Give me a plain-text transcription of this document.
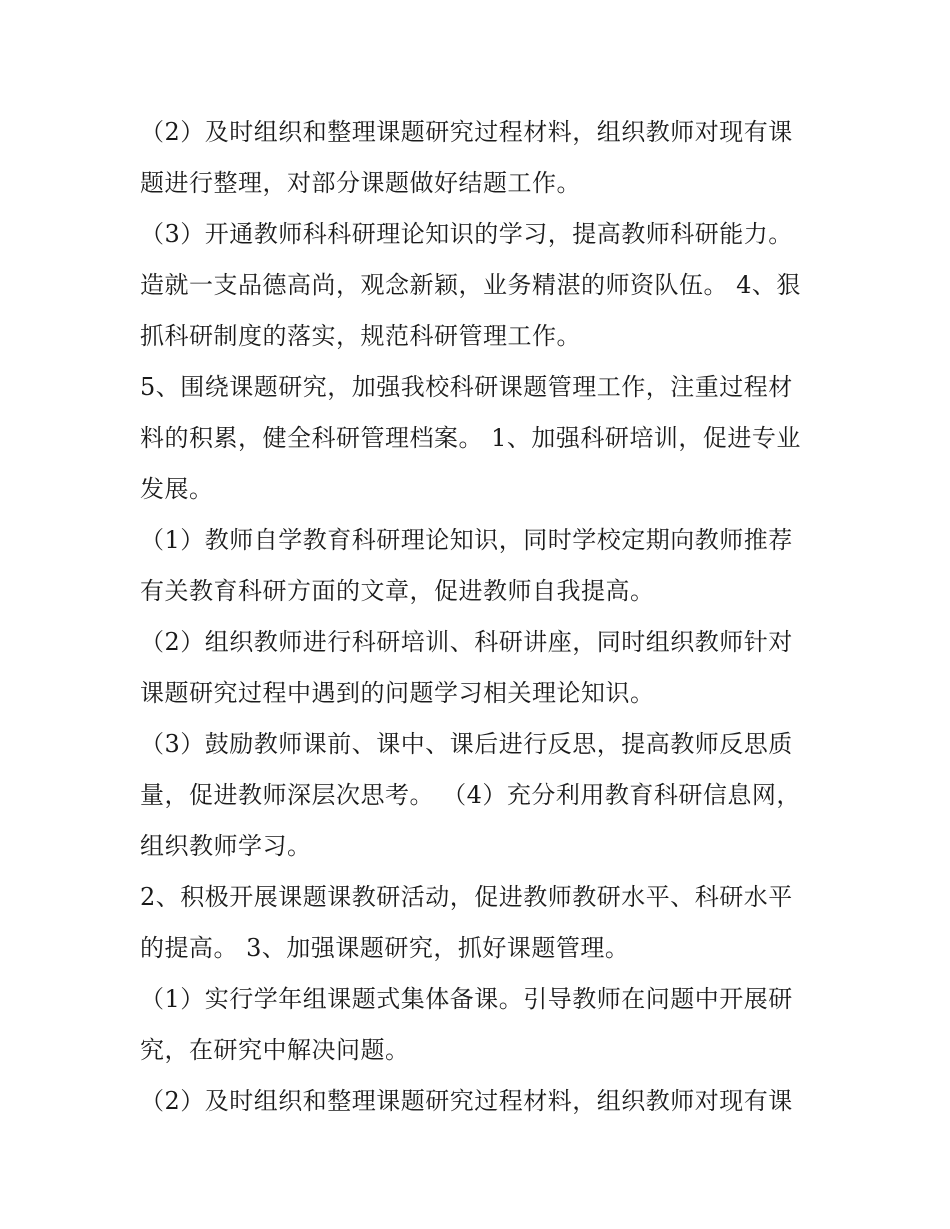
（2）及时组织和整理课题研究过程材料，组织教师对现有课
题进行整理，对部分课题做好结题工作。
（3）开通教师科科研理论知识的学习，提高教师科研能力。
造就一支品德高尚，观念新颖，业务精湛的师资队伍。 4、狠
抓科研制度的落实，规范科研管理工作。
5、围绕课题研究，加强我校科研课题管理工作，注重过程材
料的积累，健全科研管理档案。 1、加强科研培训，促进专业
发展。
（1）教师自学教育科研理论知识，同时学校定期向教师推荐
有关教育科研方面的文章，促进教师自我提高。
（2）组织教师进行科研培训、科研讲座，同时组织教师针对
课题研究过程中遇到的问题学习相关理论知识。
（3）鼓励教师课前、课中、课后进行反思，提高教师反思质
量，促进教师深层次思考。 （4）充分利用教育科研信息网，
组织教师学习。
2、积极开展课题课教研活动，促进教师教研水平、科研水平
的提高。 3、加强课题研究，抓好课题管理。
（1）实行学年组课题式集体备课。引导教师在问题中开展研
究，在研究中解决问题。
（2）及时组织和整理课题研究过程材料，组织教师对现有课
